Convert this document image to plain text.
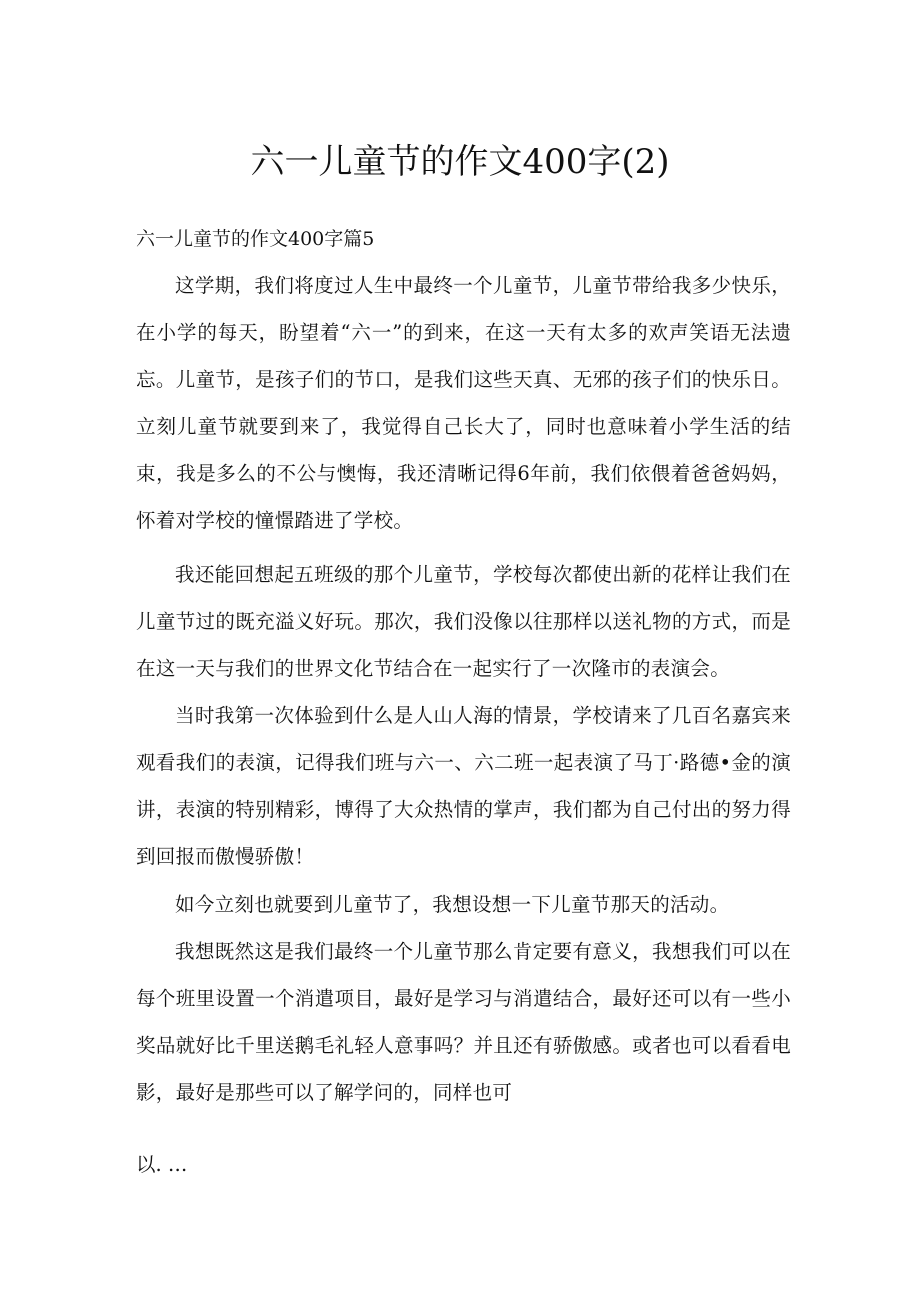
六一儿童节的作文400字(2)
六一儿童节的作文400字篇5

这学期，我们将度过人生中最终一个儿童节，儿童节带给我多少快乐，在小学的每天，盼望着“六一”的到来，在这一天有太多的欢声笑语无法遗忘。儿童节，是孩子们的节口，是我们这些天真、无邪的孩子们的快乐日。立刻儿童节就要到来了，我觉得自己长大了，同时也意味着小学生活的结束，我是多么的不公与懊悔，我还清晰记得6年前，我们依偎着爸爸妈妈，怀着对学校的憧憬踏进了学校。

我还能回想起五班级的那个儿童节，学校每次都使出新的花样让我们在儿童节过的既充溢义好玩。那次，我们没像以往那样以送礼物的方式，而是在这一天与我们的世界文化节结合在一起实行了一次隆市的表演会。

当时我第一次体验到什么是人山人海的情景，学校请来了几百名嘉宾来观看我们的表演，记得我们班与六一、六二班一起表演了马丁·路德•金的演讲，表演的特别精彩，博得了大众热情的掌声，我们都为自己付出的努力得到回报而傲慢骄傲！

如今立刻也就要到儿童节了，我想设想一下儿童节那天的活动。

我想既然这是我们最终一个儿童节那么肯定要有意义，我想我们可以在每个班里设置一个消遣项目，最好是学习与消遣结合，最好还可以有一些小奖品就好比千里送鹅毛礼轻人意事吗？并且还有骄傲感。或者也可以看看电影，最好是那些可以了解学问的，同样也可

以. …
